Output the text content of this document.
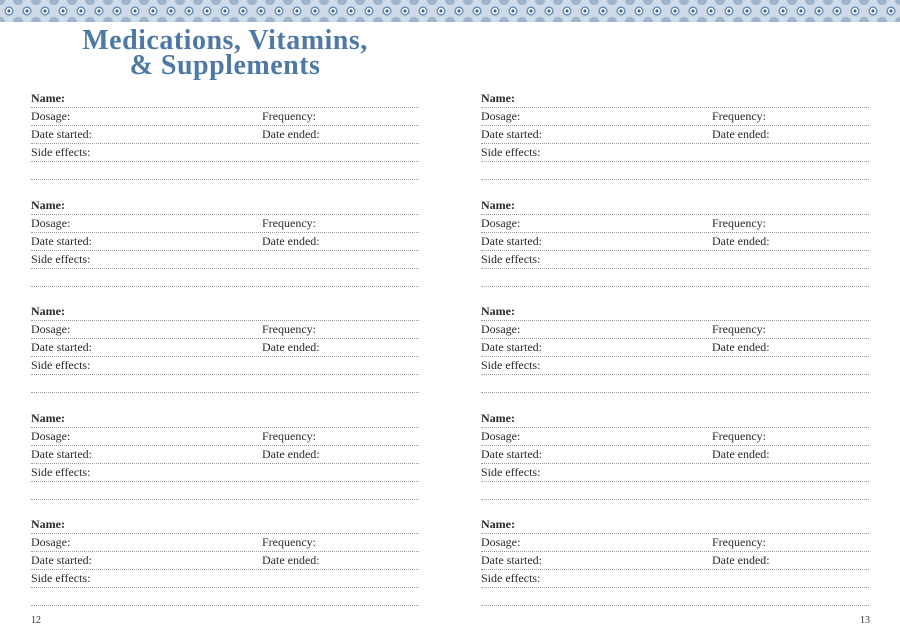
Medications, Vitamins,
& Supplements
Name:
Dosage:	Frequency:
Date started:	Date ended:
Side effects:
Name:
Dosage:	Frequency:
Date started:	Date ended:
Side effects:
Name:
Dosage:	Frequency:
Date started:	Date ended:
Side effects:
Name:
Dosage:	Frequency:
Date started:	Date ended:
Side effects:
Name:
Dosage:	Frequency:
Date started:	Date ended:
Side effects:
Name:
Dosage:	Frequency:
Date started:	Date ended:
Side effects:
Name:
Dosage:	Frequency:
Date started:	Date ended:
Side effects:
Name:
Dosage:	Frequency:
Date started:	Date ended:
Side effects:
Name:
Dosage:	Frequency:
Date started:	Date ended:
Side effects:
Name:
Dosage:	Frequency:
Date started:	Date ended:
Side effects:
12	13
